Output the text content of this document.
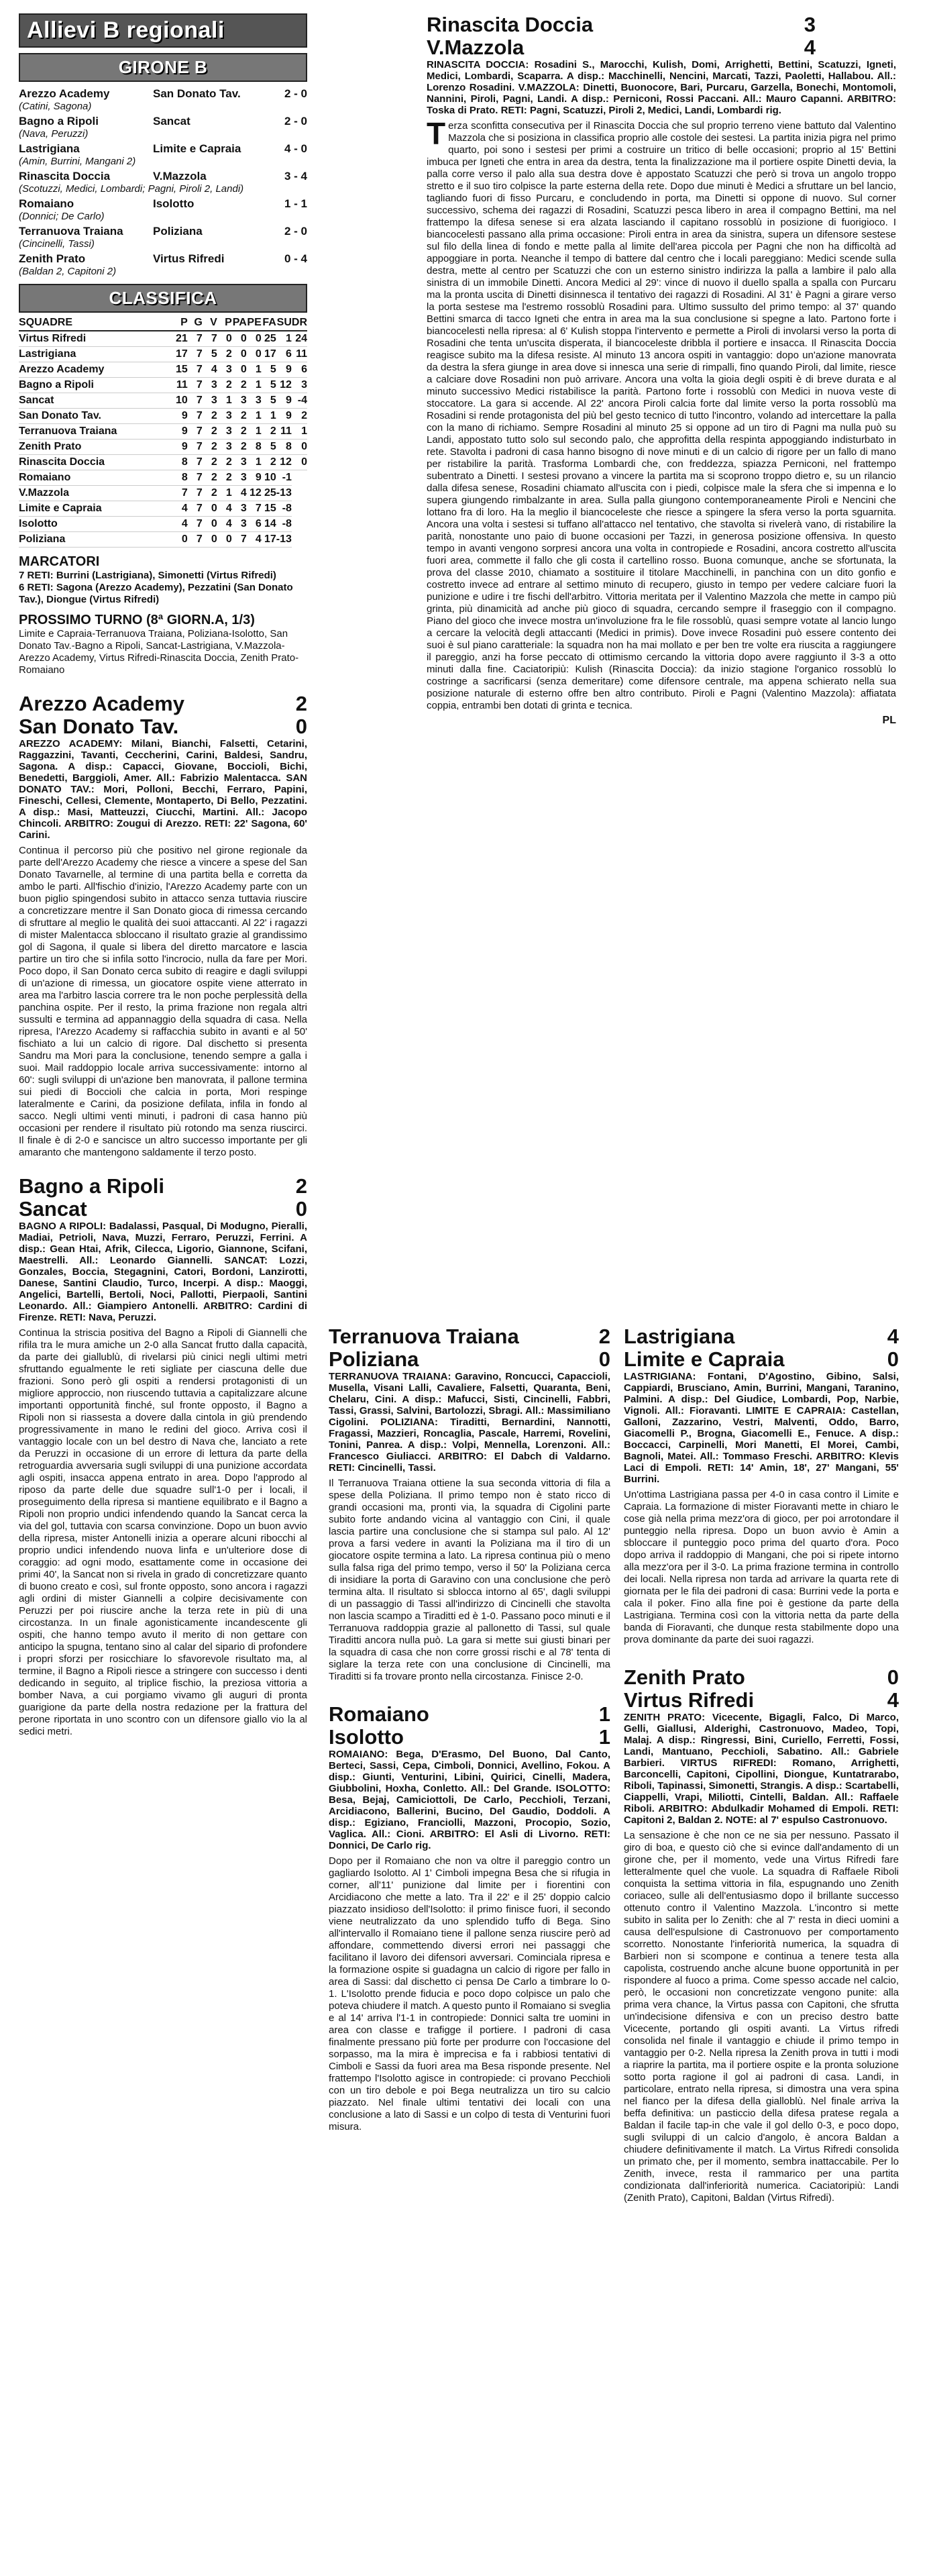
Allievi B regionali
GIRONE B
Arezzo Academy	San Donato Tav.	2 - 0
(Catini, Sagona)
Bagno a Ripoli	Sancat	2 - 0
(Nava, Peruzzi)
Lastrigiana	Limite e Capraia	4 - 0
(Amin, Burrini, Mangani 2)
Rinascita Doccia	V.Mazzola	3 - 4
(Scotuzzi, Medici, Lombardi; Pagni, Piroli 2, Landi)
Romaiano	Isolotto	1 - 1
(Donnici; De Carlo)
Terranuova Traiana	Poliziana	2 - 0
(Cincinelli, Tassi)
Zenith Prato	Virtus Rifredi	0 - 4
(Baldan 2, Capitoni 2)
CLASSIFICA
SQUADRE	P	G	V	P	PA	PE	FA	SU	DR
Virtus Rifredi	21	7	7	0	0	0	25	1	24
Lastrigiana	17	7	5	2	0	0	17	6	11
Arezzo Academy	15	7	4	3	0	1	5	9	6
Bagno a Ripoli	11	7	3	2	2	1	5	12	3
Sancat	10	7	3	1	3	3	5	9	-4
San Donato Tav.	9	7	2	3	2	1	1	9	2
Terranuova Traiana	9	7	2	3	2	1	2	11	1
Zenith Prato	9	7	2	3	2	8	5	8	0
Rinascita Doccia	8	7	2	2	3	1	2	12	0
Romaiano	8	7	2	2	3	9	10	-1	
V.Mazzola	7	7	2	1	4	12	25	-13	
Limite e Capraia	4	7	0	4	3	7	15	-8	
Isolotto	4	7	0	4	3	6	14	-8	
Poliziana	0	7	0	0	7	4	17	-13	
MARCATORI
7 RETI: Burrini (Lastrigiana), Simonetti (Virtus Rifredi)
6 RETI: Sagona (Arezzo Academy), Pezzatini (San Donato Tav.), Diongue (Virtus Rifredi)
PROSSIMO TURNO (8ª GIORN.A, 1/3)
Limite e Capraia-Terranuova Traiana, Poliziana-Isolotto, San Donato Tav.-Bagno a Ripoli, Sancat-Lastrigiana, V.Mazzola-Arezzo Academy, Virtus Rifredi-Rinascita Doccia, Zenith Prato-Romaiano
Arezzo Academy	2
San Donato Tav.	0
AREZZO ACADEMY: Milani, Bianchi, Falsetti, Cetarini, Raggazzini, Tavanti, Ceccherini, Carini, Baldesi, Sandru, Sagona. A disp.: Capacci, Giovane, Boccioli, Bichi, Benedetti, Barggioli, Amer. All.: Fabrizio Malentacca. SAN DONATO TAV.: Mori, Polloni, Becchi, Ferraro, Papini, Fineschi, Cellesi, Clemente, Montaperto, Di Bello, Pezzatini. A disp.: Masi, Matteuzzi, Ciucchi, Martini. All.: Jacopo Chincoli. ARBITRO: Zougui di Arezzo. RETI: 22' Sagona, 60' Carini.
Continua il percorso più che positivo nel girone regionale da parte dell'Arezzo Academy che riesce a vincere a spese del San Donato Tavarnelle, al termine di una partita bella e corretta da ambo le parti. All'fischio d'inizio, l'Arezzo Academy parte con un buon piglio spingendosi subito in attacco senza tuttavia riuscire a concretizzare mentre il San Donato gioca di rimessa cercando di sfruttare al meglio le qualità dei suoi attaccanti. Al 22' i ragazzi di mister Malentacca sbloccano il risultato grazie al grandissimo gol di Sagona, il quale si libera del diretto marcatore e lascia partire un tiro che si infila sotto l'incrocio, nulla da fare per Mori. Poco dopo, il San Donato cerca subito di reagire e dagli sviluppi di un'azione di rimessa, un giocatore ospite viene atterrato in area ma l'arbitro lascia correre tra le non poche perplessità della panchina ospite. Per il resto, la prima frazione non regala altri sussulti e termina ad appannaggio della squadra di casa. Nella ripresa, l'Arezzo Academy si raffacchia subito in avanti e al 50' fischiato a lui un calcio di rigore. Dal dischetto si presenta Sandru ma Mori para la conclusione, tenendo sempre a galla i suoi. Mail raddoppio locale arriva successivamente: intorno al 60': sugli sviluppi di un'azione ben manovrata, il pallone termina sui piedi di Boccioli che calcia in porta, Mori respinge lateralmente e Carini, da posizione defilata, infila in fondo al sacco. Negli ultimi venti minuti, i padroni di casa hanno più occasioni per rendere il risultato più rotondo ma senza riuscirci. Il finale è di 2-0 e sancisce un altro successo importante per gli amaranto che mantengono saldamente il terzo posto.
Bagno a Ripoli	2
Sancat	0
BAGNO A RIPOLI: Badalassi, Pasqual, Di Modugno, Pieralli, Madiai, Petrioli, Nava, Muzzi, Ferraro, Peruzzi, Ferrini. A disp.: Gean Htai, Afrik, Cilecca, Ligorio, Giannone, Scifani, Maestrelli. All.: Leonardo Giannelli. SANCAT: Lozzi, Gonzales, Boccia, Stegagnini, Catori, Bordoni, Lanzirotti, Danese, Santini Claudio, Turco, Incerpi. A disp.: Maoggi, Angelici, Bartelli, Bertoli, Noci, Pallotti, Pierpaoli, Santini Leonardo. All.: Giampiero Antonelli. ARBITRO: Cardini di Firenze. RETI: Nava, Peruzzi.
Continua la striscia positiva del Bagno a Ripoli di Giannelli che rifila tra le mura amiche un 2-0 alla Sancat frutto dalla capacità, da parte dei giallublù, di rivelarsi più cinici negli ultimi metri sfruttando egualmente le reti sigliate per ciascuna delle due frazioni. Sono però gli ospiti a rendersi protagonisti di un migliore approccio, non riuscendo tuttavia a capitalizzare alcune importanti opportunità finché, sul fronte opposto, il Bagno a Ripoli non si riassesta a dovere dalla cintola in giù prendendo progressivamente in mano le redini del gioco. Arriva così il vantaggio locale con un bel destro di Nava che, lanciato a rete da Peruzzi in occasione di un errore di lettura da parte della retroguardia avversaria sugli sviluppi di una punizione accordata agli ospiti, insacca appena entrato in area. Dopo l'approdo al riposo da parte delle due squadre sull'1-0 per i locali, il proseguimento della ripresa si mantiene equilibrato e il Bagno a Ripoli non proprio undici infendendo quando la Sancat cerca la via del gol, tuttavia con scarsa convinzione. Dopo un buon avvio della ripresa, mister Antonelli inizia a operare alcuni ribocchi al proprio undici infendendo nuova linfa e un'ulteriore dose di coraggio: ad ogni modo, esattamente come in occasione dei primi 40', la Sancat non si rivela in grado di concretizzare quanto di buono creato e così, sul fronte opposto, sono ancora i ragazzi agli ordini di mister Giannelli a colpire decisivamente con Peruzzi per poi riuscire anche la terza rete in più di una circostanza. In un finale agonisticamente incandescente gli ospiti, che hanno tempo avuto il merito di non gettare con anticipo la spugna, tentano sino al calar del sipario di profondere i propri sforzi per rosicchiare lo sfavorevole risultato ma, al termine, il Bagno a Ripoli riesce a stringere con successo i denti dedicando in seguito, al triplice fischio, la preziosa vittoria a bomber Nava, a cui porgiamo vivamo gli auguri di pronta guarigione da parte della nostra redazione per la frattura del perone riportata in uno scontro con un difensore giallo vio la al sedici metri.
Rinascita Doccia	3
V.Mazzola	4
RINASCITA DOCCIA: Rosadini S., Marocchi, Kulish, Domi, Arrighetti, Bettini, Scatuzzi, Igneti, Medici, Lombardi, Scaparra. A disp.: Macchinelli, Nencini, Marcati, Tazzi, Paoletti, Hallabou. All.: Lorenzo Rosadini. V.MAZZOLA: Dinetti, Buonocore, Bari, Purcaru, Garzella, Bonechi, Montomoli, Nannini, Piroli, Pagni, Landi. A disp.: Perniconi, Rossi Paccani. All.: Mauro Capanni. ARBITRO: Toska di Prato. RETI: Pagni, Scatuzzi, Piroli 2, Medici, Landi, Lombardi rig.
Terza sconfitta consecutiva per il Rinascita Doccia che sul proprio terreno viene battuto dal Valentino Mazzola che si posiziona in classifica proprio alle costole dei sestesi. La partita inizia pigra nel primo quarto, poi sono i sestesi per primi a costruire un tritico di belle occasioni; proprio al 15' Bettini imbuca per Igneti che entra in area da destra, tenta la finalizzazione ma il portiere ospite Dinetti devia, la palla corre verso il palo alla sua destra dove è appostato Scatuzzi che però si trova un angolo troppo stretto e il suo tiro colpisce la parte esterna della rete. Dopo due minuti è Medici a sfruttare un bel lancio, tagliando fuori di fisso Purcaru, e concludendo in porta, ma Dinetti si oppone di nuovo. Sul corner successivo, schema dei ragazzi di Rosadini, Scatuzzi pesca libero in area il compagno Bettini, ma nel frattempo la difesa senese si era alzata lasciando il capitano rossoblù in posizione di fuorigioco. I biancocelesti passano alla prima occasione: Piroli entra in area da sinistra, supera un difensore sestese sul filo della linea di fondo e mette palla al limite dell'area piccola per Pagni che non ha difficoltà ad appoggiare in porta. Neanche il tempo di battere dal centro che i locali pareggiano: Medici scende sulla destra, mette al centro per Scatuzzi che con un esterno sinistro indirizza la palla a lambire il palo alla sinistra di un immobile Dinetti. Ancora Medici al 29': vince di nuovo il duello spalla a spalla con Purcaru ma la pronta uscita di Dinetti disinnesca il tentativo dei ragazzi di Rosadini. Al 31' è Pagni a girare verso la porta sestese ma l'estremo rossoblù Rosadini para. Ultimo sussulto del primo tempo: al 37' quando Bettini smarca di tacco Igneti che entra in area ma la sua conclusione si spegne a lato. Partono forte i biancocelesti nella ripresa: al 6' Kulish stoppa l'intervento e permette a Piroli di involarsi verso la porta di Rosadini che tenta un'uscita disperata, il biancoceleste dribbla il portiere e insacca. Il Rinascita Doccia reagisce subito ma la difesa resiste. Al minuto 13 ancora ospiti in vantaggio: dopo un'azione manovrata da destra la sfera giunge in area dove si innesca una serie di rimpalli, fino quando Piroli, dal limite, riesce a calciare dove Rosadini non può arrivare. Ancora una volta la gioia degli ospiti è di breve durata e al minuto successivo Medici ristabilisce la parità. Partono forte i rossoblù con Medici in nuova veste di stoccatore. La gara si accende. Al 22' ancora Piroli calcia forte dal limite verso la porta rossoblù ma Rosadini si rende protagonista del più bel gesto tecnico di tutto l'incontro, volando ad intercettare la palla con la mano di richiamo. Sempre Rosadini al minuto 25 si oppone ad un tiro di Pagni ma nulla può su Landi, appostato tutto solo sul secondo palo, che approfitta della respinta appoggiando indisturbato in rete. Stavolta i padroni di casa hanno bisogno di nove minuti e di un calcio di rigore per un fallo di mano per ristabilire la parità. Trasforma Lombardi che, con freddezza, spiazza Perniconi, nel frattempo subentrato a Dinetti. I sestesi provano a vincere la partita ma si scoprono troppo dietro e, su un rilancio dalla difesa senese, Rosadini chiamato all'uscita con i piedi, colpisce male la sfera che si impenna e lo supera giungendo rimbalzante in area. Sulla palla giungono contemporaneamente Piroli e Nencini che lottano fra di loro. Ha la meglio il biancoceleste che riesce a spingere la sfera verso la porta sguarnita. Ancora una volta i sestesi si tuffano all'attacco nel tentativo, che stavolta si rivelerà vano, di ristabilire la parità, nonostante uno paio di buone occasioni per Tazzi, in generosa posizione offensiva. In questo tempo in avanti vengono sorpresi ancora una volta in contropiede e Rosadini, ancora costretto all'uscita fuori area, commette il fallo che gli costa il cartellino rosso. Buona comunque, anche se sfortunata, la prova del classe 2010, chiamato a sostituire il titolare Macchinelli, in panchina con un dito gonfio e costretto invece ad entrare al settimo minuto di recupero, giusto in tempo per vedere calciare fuori la punizione e udire i tre fischi dell'arbitro. Vittoria meritata per il Valentino Mazzola che mette in campo più grinta, più dinamicità ad anche più gioco di squadra, cercando sempre il fraseggio con il compagno. Piano del gioco che invece mostra un'involuzione fra le file rossoblù, quasi sempre votate al lancio lungo a cercare la velocità degli attaccanti (Medici in primis). Dove invece Rosadini può essere contento dei suoi è sul piano caratteriale: la squadra non ha mai mollato e per ben tre volte era riuscita a raggiungere il pareggio, anzi ha forse peccato di ottimismo cercando la vittoria dopo avere raggiunto il 3-3 a otto minuti dalla fine. Caciatoripiù: Kulish (Rinascita Doccia): da inizio stagione l'organico rossoblù lo costringe a sacrificarsi (senza demeritare) come difensore centrale, ma appena schierato nella sua posizione naturale di esterno offre ben altro contributo. Piroli e Pagni (Valentino Mazzola): affiatata coppia, entrambi ben dotati di grinta e tecnica.
PL
Terranuova Traiana	2
Poliziana	0
TERRANUOVA TRAIANA: Garavino, Roncucci, Capaccioli, Musella, Visani Lalli, Cavaliere, Falsetti, Quaranta, Beni, Chelaru, Cini. A disp.: Mafucci, Sisti, Cincinelli, Fabbri, Tassi, Grassi, Salvini, Bartolozzi, Sbragi. All.: Massimiliano Cigolini. POLIZIANA: Tiraditti, Bernardini, Nannotti, Fragassi, Mazzieri, Roncaglia, Pascale, Harremi, Rovelini, Tonini, Panrea. A disp.: Volpi, Mennella, Lorenzoni. All.: Francesco Giuliacci. ARBITRO: El Dabch di Valdarno. RETI: Cincinelli, Tassi.
Il Terranuova Traiana ottiene la sua seconda vittoria di fila a spese della Poliziana. Il primo tempo non è stato ricco di grandi occasioni ma, pronti via, la squadra di Cigolini parte subito forte andando vicina al vantaggio con Cini, il quale lascia partire una conclusione che si stampa sul palo. Al 12' prova a farsi vedere in avanti la Poliziana ma il tiro di un giocatore ospite termina a lato. La ripresa continua più o meno sulla falsa riga del primo tempo, verso il 50' la Poliziana cerca di insidiare la porta di Garavino con una conclusione che però termina alta. Il risultato si sblocca intorno al 65', dagli sviluppi di un passaggio di Tassi all'indirizzo di Cincinelli che stavolta non lascia scampo a Tiraditti ed è 1-0. Passano poco minuti e il Terranuova raddoppia grazie al pallonetto di Tassi, sul quale Tiraditti ancora nulla può. La gara si mette sui giusti binari per la squadra di casa che non corre grossi rischi e al 78' tenta di siglare la terza rete con una conclusione di Cincinelli, ma Tiraditti si fa trovare pronto nella circostanza. Finisce 2-0.
Romaiano	1
Isolotto	1
ROMAIANO: Bega, D'Erasmo, Del Buono, Dal Canto, Berteci, Sassi, Cepa, Cimboli, Donnici, Avellino, Fokou. A disp.: Giunti, Venturini, Libini, Quirici, Cinelli, Madera, Giubbolini, Hoxha, Conletto. All.: Del Grande. ISOLOTTO: Besa, Bejaj, Camiciottoli, De Carlo, Pecchioli, Terzani, Arcidiacono, Ballerini, Bucino, Del Gaudio, Doddoli. A disp.: Egiziano, Franciolli, Mazzoni, Procopio, Sozio, Vaglica. All.: Cioni. ARBITRO: El Asli di Livorno. RETI: Donnici, De Carlo rig.
Dopo per il Romaiano che non va oltre il pareggio contro un gagliardo Isolotto. Al 1' Cimboli impegna Besa che si rifugia in corner, all'11' punizione dal limite per i fiorentini con Arcidiacono che mette a lato. Tra il 22' e il 25' doppio calcio piazzato insidioso dell'Isolotto: il primo finisce fuori, il secondo viene neutralizzato da uno splendido tuffo di Bega. Sino all'intervallo il Romaiano tiene il pallone senza riuscire però ad affondare, commettendo diversi errori nei passaggi che facilitano il lavoro dei difensori avversari. Cominciala ripresa e la formazione ospite si guadagna un calcio di rigore per fallo in area di Sassi: dal dischetto ci pensa De Carlo a timbrare lo 0-1. L'Isolotto prende fiducia e poco dopo colpisce un palo che poteva chiudere il match. A questo punto il Romaiano si sveglia e al 14' arriva l'1-1 in contropiede: Donnici salta tre uomini in area con classe e trafigge il portiere. I padroni di casa finalmente pressano più forte per produrre con l'occasione del sorpasso, ma la mira è imprecisa e fa i rabbiosi tentativi di Cimboli e Sassi da fuori area ma Besa risponde presente. Nel frattempo l'Isolotto agisce in contropiede: ci provano Pecchioli con un tiro debole e poi Bega neutralizza un tiro su calcio piazzato. Nel finale ultimi tentativi dei locali con una conclusione a lato di Sassi e un colpo di testa di Venturini fuori misura.
Lastrigiana	4
Limite e Capraia	0
LASTRIGIANA: Fontani, D'Agostino, Gibino, Salsi, Cappiardi, Brusciano, Amin, Burrini, Mangani, Taranino, Palmini. A disp.: Del Giudice, Lombardi, Pop, Narbie, Vignoli. All.: Fioravanti. LIMITE E CAPRAIA: Castellan, Galloni, Zazzarino, Vestri, Malventi, Oddo, Barro, Giacomelli P., Brogna, Giacomelli E., Fenuce. A disp.: Boccacci, Carpinelli, Mori Manetti, El Morei, Cambi, Bagnoli, Matei. All.: Tommaso Freschi. ARBITRO: Klevis Laci di Empoli. RETI: 14' Amin, 18', 27' Mangani, 55' Burrini.
Un'ottima Lastrigiana passa per 4-0 in casa contro il Limite e Capraia. La formazione di mister Fioravanti mette in chiaro le cose già nella prima mezz'ora di gioco, per poi arrotondare il punteggio nella ripresa. Dopo un buon avvio è Amin a sbloccare il punteggio poco prima del quarto d'ora. Poco dopo arriva il raddoppio di Mangani, che poi si ripete intorno alla mezz'ora per il 3-0. La prima frazione termina in controllo dei locali. Nella ripresa non tarda ad arrivare la quarta rete di giornata per le fila dei padroni di casa: Burrini vede la porta e cala il poker. Fino alla fine poi è gestione da parte della Lastrigiana. Termina così con la vittoria netta da parte della banda di Fioravanti, che dunque resta stabilmente dopo una prova dominante da parte dei suoi ragazzi.
Zenith Prato	0
Virtus Rifredi	4
ZENITH PRATO: Vicecente, Bigagli, Falco, Di Marco, Gelli, Giallusi, Alderighi, Castronuovo, Madeo, Topi, Malaj. A disp.: Ringressi, Bini, Curiello, Ferretti, Fossi, Landi, Mantuano, Pecchioli, Sabatino. All.: Gabriele Barbieri. VIRTUS RIFREDI: Romano, Arrighetti, Barconcelli, Capitoni, Cipollini, Diongue, Kuntatrarabo, Riboli, Tapinassi, Simonetti, Strangis. A disp.: Scartabelli, Ciappelli, Vrapi, Miliotti, Cintelli, Baldan. All.: Raffaele Riboli. ARBITRO: Abdulkadir Mohamed di Empoli. RETI: Capitoni 2, Baldan 2. NOTE: al 7' espulso Castronuovo.
La sensazione è che non ce ne sia per nessuno. Passato il giro di boa, e questo ciò che si evince dall'andamento di un girone che, per il momento, vede una Virtus Rifredi fare letteralmente quel che vuole. La squadra di Raffaele Riboli conquista la settima vittoria in fila, espugnando uno Zenith coriaceo, sulle ali dell'entusiasmo dopo il brillante successo ottenuto contro il Valentino Mazzola. L'incontro si mette subito in salita per lo Zenith: che al 7' resta in dieci uomini a causa dell'espulsione di Castronuovo per comportamento scorretto. Nonostante l'inferiorità numerica, la squadra di Barbieri non si scompone e continua a tenere testa alla capolista, costruendo anche alcune buone opportunità in per rispondere al fuoco a prima. Come spesso accade nel calcio, però, le occasioni non concretizzate vengono punite: alla prima vera chance, la Virtus passa con Capitoni, che sfrutta un'indecisione difensiva e con un preciso destro batte Vicecente, portando gli ospiti avanti. La Virtus rifredi consolida nel finale il vantaggio e chiude il primo tempo in vantaggio per 0-2. Nella ripresa la Zenith prova in tutti i modi a riaprire la partita, ma il portiere ospite e la pronta soluzione sotto porta ragione il gol ai padroni di casa. Landi, in particolare, entrato nella ripresa, si dimostra una vera spina nel fianco per la difesa della gialloblù. Nel finale arriva la beffa definitiva: un pasticcio della difesa pratese regala a Baldan il facile tap-in che vale il gol dello 0-3, e poco dopo, sugli sviluppi di un calcio d'angolo, è ancora Baldan a chiudere definitivamente il match. La Virtus Rifredi consolida un primato che, per il momento, sembra inattaccabile. Per lo Zenith, invece, resta il rammarico per una partita condizionata dall'inferiorità numerica. Caciatoripiù: Landi (Zenith Prato), Capitoni, Baldan (Virtus Rifredi).
